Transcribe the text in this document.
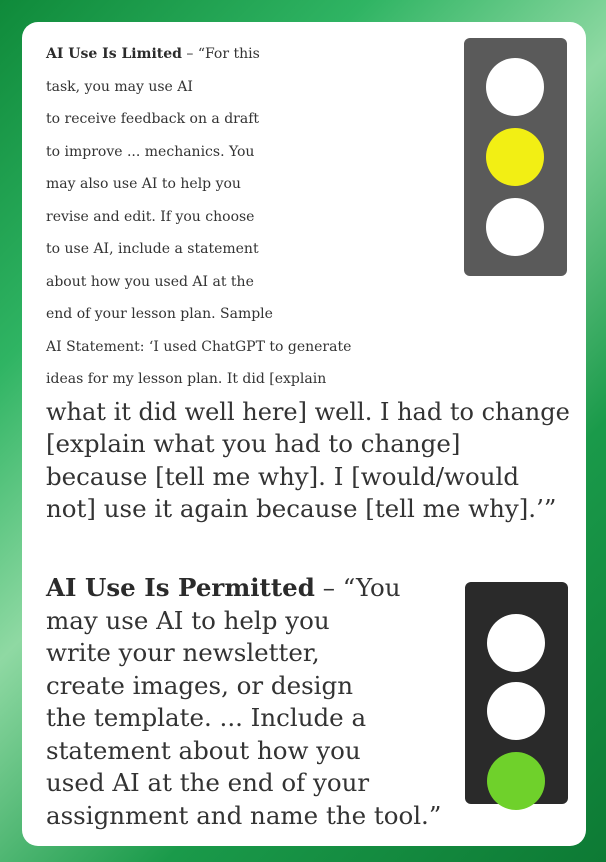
AI Use Is Limited – “For this
task, you may use AI
to receive feedback on a draft
to improve ... mechanics. You
may also use AI to help you
revise and edit. If you choose
to use AI, include a statement
about how you used AI at the
end of your lesson plan. Sample
AI Statement: ‘I used ChatGPT to generate
ideas for my lesson plan. It did [explain
what it did well here] well. I had to change
[explain what you had to change]
because [tell me why]. I [would/would
not] use it again because [tell me why].’”
AI Use Is Permitted – “You
may use AI to help you
write your newsletter,
create images, or design
the template. ... Include a
statement about how you
used AI at the end of your
assignment and name the tool.”
